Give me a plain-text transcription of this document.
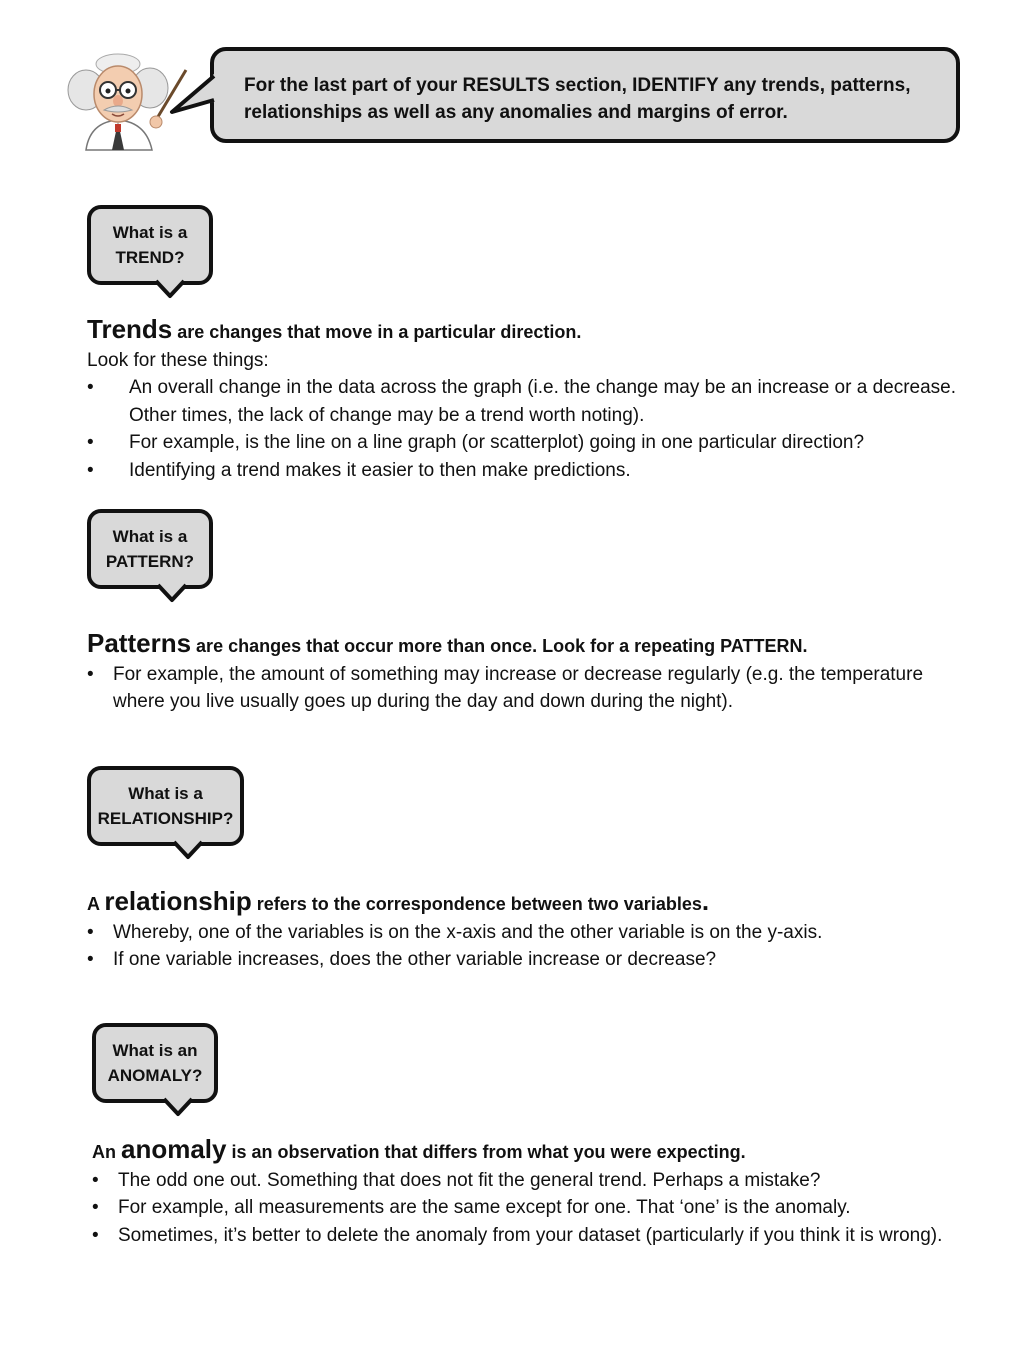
For the last part of your RESULTS section, IDENTIFY any trends, patterns, relationships as well as any anomalies and margins of error.
What is a
TREND?

Trends are changes that move in a particular direction.

Look for these things:

• An overall change in the data across the graph (i.e. the change may be an increase or a decrease. Other times, the lack of change may be a trend worth noting).
• For example, is the line on a line graph (or scatterplot) going in one particular direction?
• Identifying a trend makes it easier to then make predictions.
What is a
PATTERN?

Patterns are changes that occur more than once. Look for a repeating PATTERN.

• For example, the amount of something may increase or decrease regularly (e.g. the temperature where you live usually goes up during the day and down during the night).
What is a
RELATIONSHIP?

A relationship refers to the correspondence between two variables.

• Whereby, one of the variables is on the x-axis and the other variable is on the y-axis.
• If one variable increases, does the other variable increase or decrease?
What is an
ANOMALY?

An anomaly is an observation that differs from what you were expecting.

• The odd one out. Something that does not fit the general trend. Perhaps a mistake?
• For example, all measurements are the same except for one. That ‘one’ is the anomaly.
• Sometimes, it’s better to delete the anomaly from your dataset (particularly if you think it is wrong).
